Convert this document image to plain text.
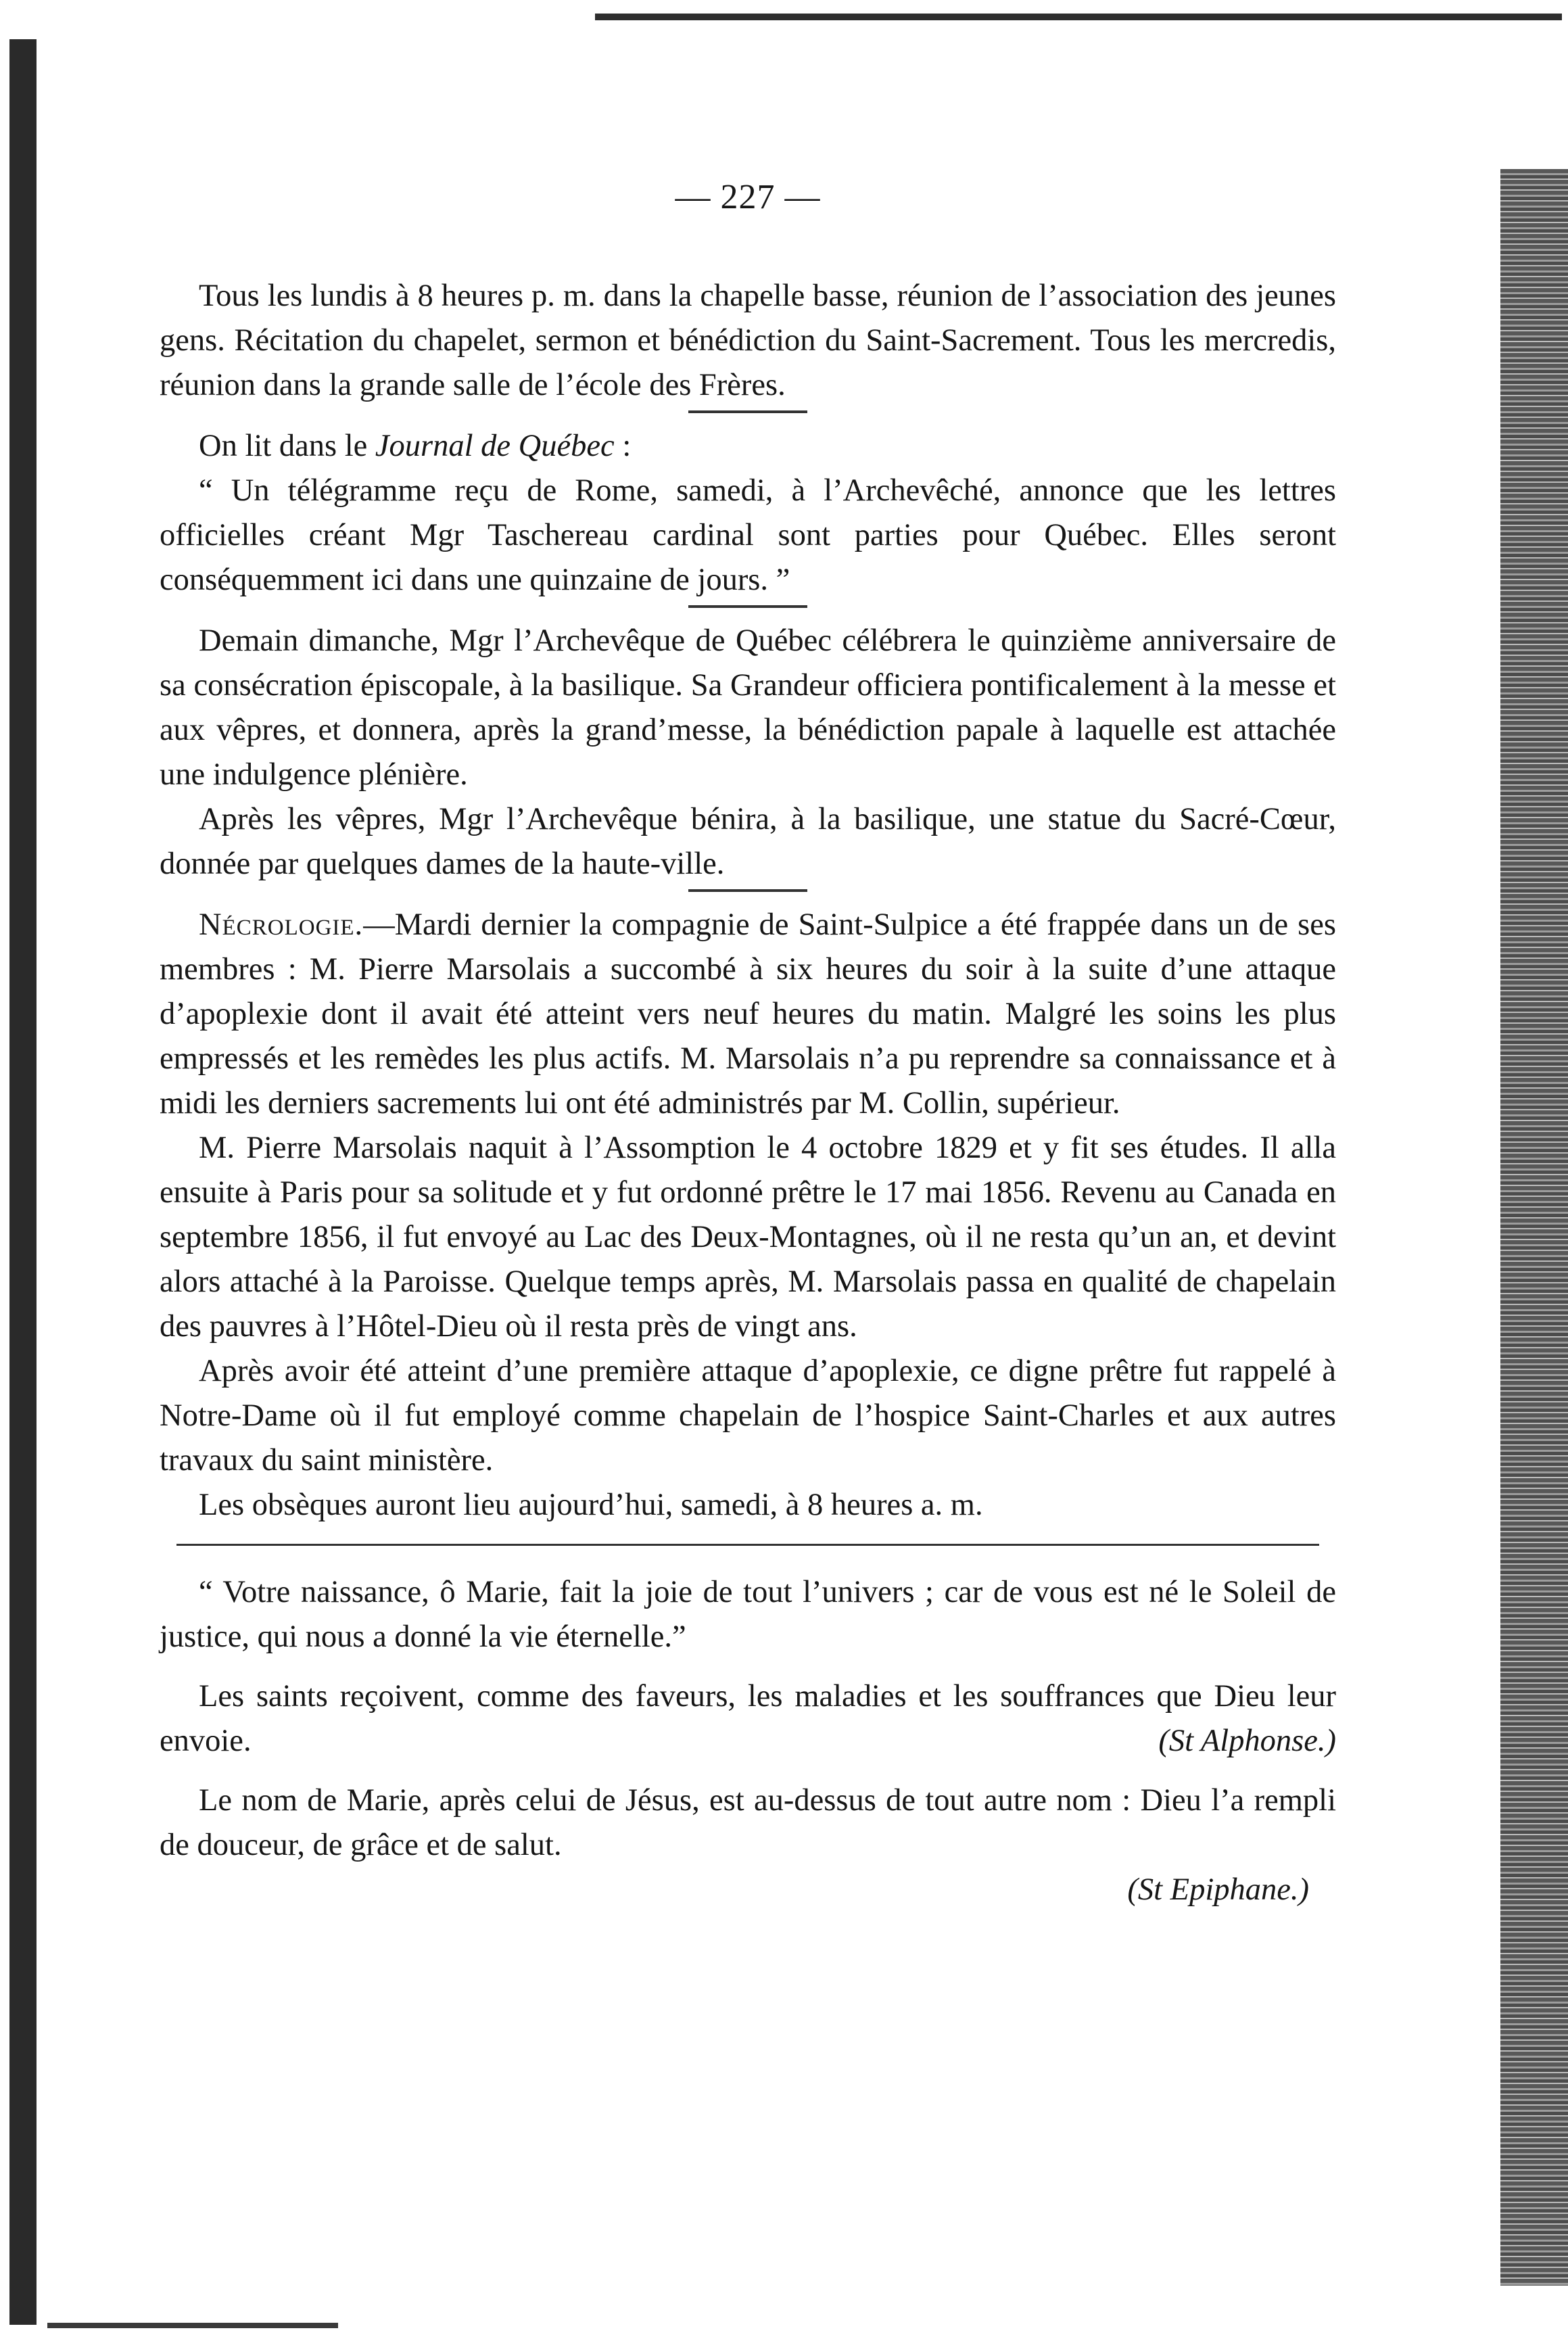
— 227 —

Tous les lundis à 8 heures p. m. dans la chapelle basse, réunion de l’association des jeunes gens. Récitation du chapelet, sermon et bénédiction du Saint-Sacrement. Tous les mercredis, réunion dans la grande salle de l’école des Frères.

On lit dans le Journal de Québec :

“ Un télégramme reçu de Rome, samedi, à l’Archevêché, annonce que les lettres officielles créant Mgr Taschereau cardinal sont parties pour Québec. Elles seront conséquemment ici dans une quinzaine de jours. ”

Demain dimanche, Mgr l’Archevêque de Québec célébrera le quinzième anniversaire de sa consécration épiscopale, à la basilique. Sa Grandeur officiera pontificalement à la messe et aux vêpres, et donnera, après la grand’messe, la bénédiction papale à laquelle est attachée une indulgence plénière.

Après les vêpres, Mgr l’Archevêque bénira, à la basilique, une statue du Sacré-Cœur, donnée par quelques dames de la haute-ville.

Nécrologie.—Mardi dernier la compagnie de Saint-Sulpice a été frappée dans un de ses membres : M. Pierre Marsolais a succombé à six heures du soir à la suite d’une attaque d’apoplexie dont il avait été atteint vers neuf heures du matin. Malgré les soins les plus empressés et les remèdes les plus actifs. M. Marsolais n’a pu reprendre sa connaissance et à midi les derniers sacrements lui ont été administrés par M. Collin, supérieur.

M. Pierre Marsolais naquit à l’Assomption le 4 octobre 1829 et y fit ses études. Il alla ensuite à Paris pour sa solitude et y fut ordonné prêtre le 17 mai 1856. Revenu au Canada en septembre 1856, il fut envoyé au Lac des Deux-Montagnes, où il ne resta qu’un an, et devint alors attaché à la Paroisse. Quelque temps après, M. Marsolais passa en qualité de chapelain des pauvres à l’Hôtel-Dieu où il resta près de vingt ans.

Après avoir été atteint d’une première attaque d’apoplexie, ce digne prêtre fut rappelé à Notre-Dame où il fut employé comme chapelain de l’hospice Saint-Charles et aux autres travaux du saint ministère.

Les obsèques auront lieu aujourd’hui, samedi, à 8 heures a. m.

“ Votre naissance, ô Marie, fait la joie de tout l’univers ; car de vous est né le Soleil de justice, qui nous a donné la vie éternelle.”

Les saints reçoivent, comme des faveurs, les maladies et les souffrances que Dieu leur envoie.	(St Alphonse.)

Le nom de Marie, après celui de Jésus, est au-dessus de tout autre nom : Dieu l’a rempli de douceur, de grâce et de salut.

(St Epiphane.)
